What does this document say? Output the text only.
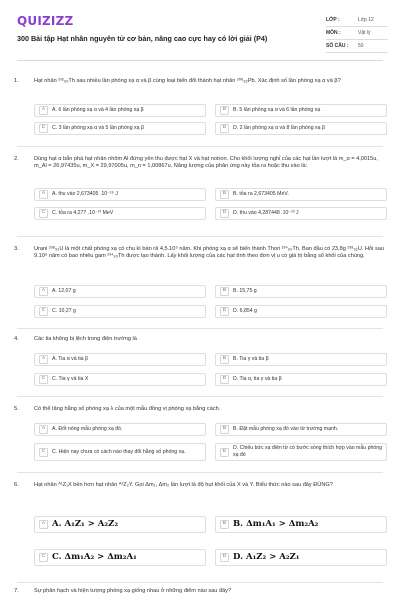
QUIZIZZ
300 Bài tập Hạt nhân nguyên tử cơ bản, nâng cao cực hay có lời giải (P4)
LỚP :	Lớp 12
MÔN :	Vật lý
SỐ CÂU :	50
1.	Hạt nhân ²³²₉₀Th sau nhiều lần phóng xạ α và β cùng loại biến đổi thành hạt nhân ²⁰⁸₈₂Pb. Xác định số lần phóng xạ α và β?
A	A. 6 lần phóng xạ α và 4 lần phóng xạ β	B	B. 5 lần phóng xạ α và 6 lần phóng xạ
C	C. 3 lần phóng xạ α và 5 lần phóng xạ β	D	D. 2 lần phóng xạ α và 8 lần phóng xạ β
2.	Dùng hạt α bắn phá hạt nhân nhôm Al đứng yên thu được hạt X và hạt notron. Cho khối lượng nghỉ của các hạt lần lượt là m_α = 4,0015u, m_Al = 26,97435u, m_X = 29,97005u, m_n = 1,00867u. Năng lượng của phản ứng này tỏa ra hoặc thu vào là:
A	A. thu vào 2,673405 .10⁻¹⁹ J	B	B. tỏa ra 2,673405 MeV.
C	C. tỏa ra 4,277 .10⁻¹³ MeV	D	D. thu vào 4,287448 .10⁻¹³ J
3.	Urani ²³⁸₉₂U là một chất phóng xạ có chu kì bán rã 4,5.10⁹ năm. Khi phóng xạ α sẽ biến thành Thori ²³⁴₉₀Th. Ban đầu có 23,8g ²³⁸₉₂U. Hỏi sau 9.10⁹ năm có bao nhiêu gam ²³⁴₉₀Th được tạo thành. Lấy khối lượng của các hạt tính theo đơn vị u có giá trị bằng số khối của chúng.
A	A. 12,07 g	B	B. 15,75 g
C	C. 10,27 g	D	D. 6,854 g
4.	Các tia không bị lệch trong điện trường là
A	A. Tia α và tia β	B	B. Tia γ và tia β
C	C. Tia γ và tia X	D	D. Tia α, tia γ và tia β
5.	Có thể tăng hằng số phóng xạ λ của một mẫu đồng vị phóng xạ bằng cách.
A	A. Đốt nóng mẫu phóng xạ đó.	B	B. Đặt mẫu phóng xạ đó vào từ trường mạnh.
C	C. Hiện nay chưa có cách nào thay đổi hằng số phóng xạ.	D
D. Chiếu bức xạ điện từ có bước sóng thích hợp vào mẫu phóng xạ đó
6.	Hạt nhân ᴬ¹Z₁X bền hơn hạt nhân ᴬ²Z₂Y. Gọi Δm₁, Δm₂ lần lượt là độ hụt khối của X và Y. Biểu thức nào sau đây ĐÚNG?
A A. A₁Z₁ > A₂Z₂	B B. Δm₁A₁ > Δm₂A₂
C C. Δm₁A₂ > Δm₂A₁	D D. A₁Z₂ > A₂Z₁
7.	Sự phân hạch và hiện tượng phóng xạ giống nhau ở những điểm nào sau đây?
